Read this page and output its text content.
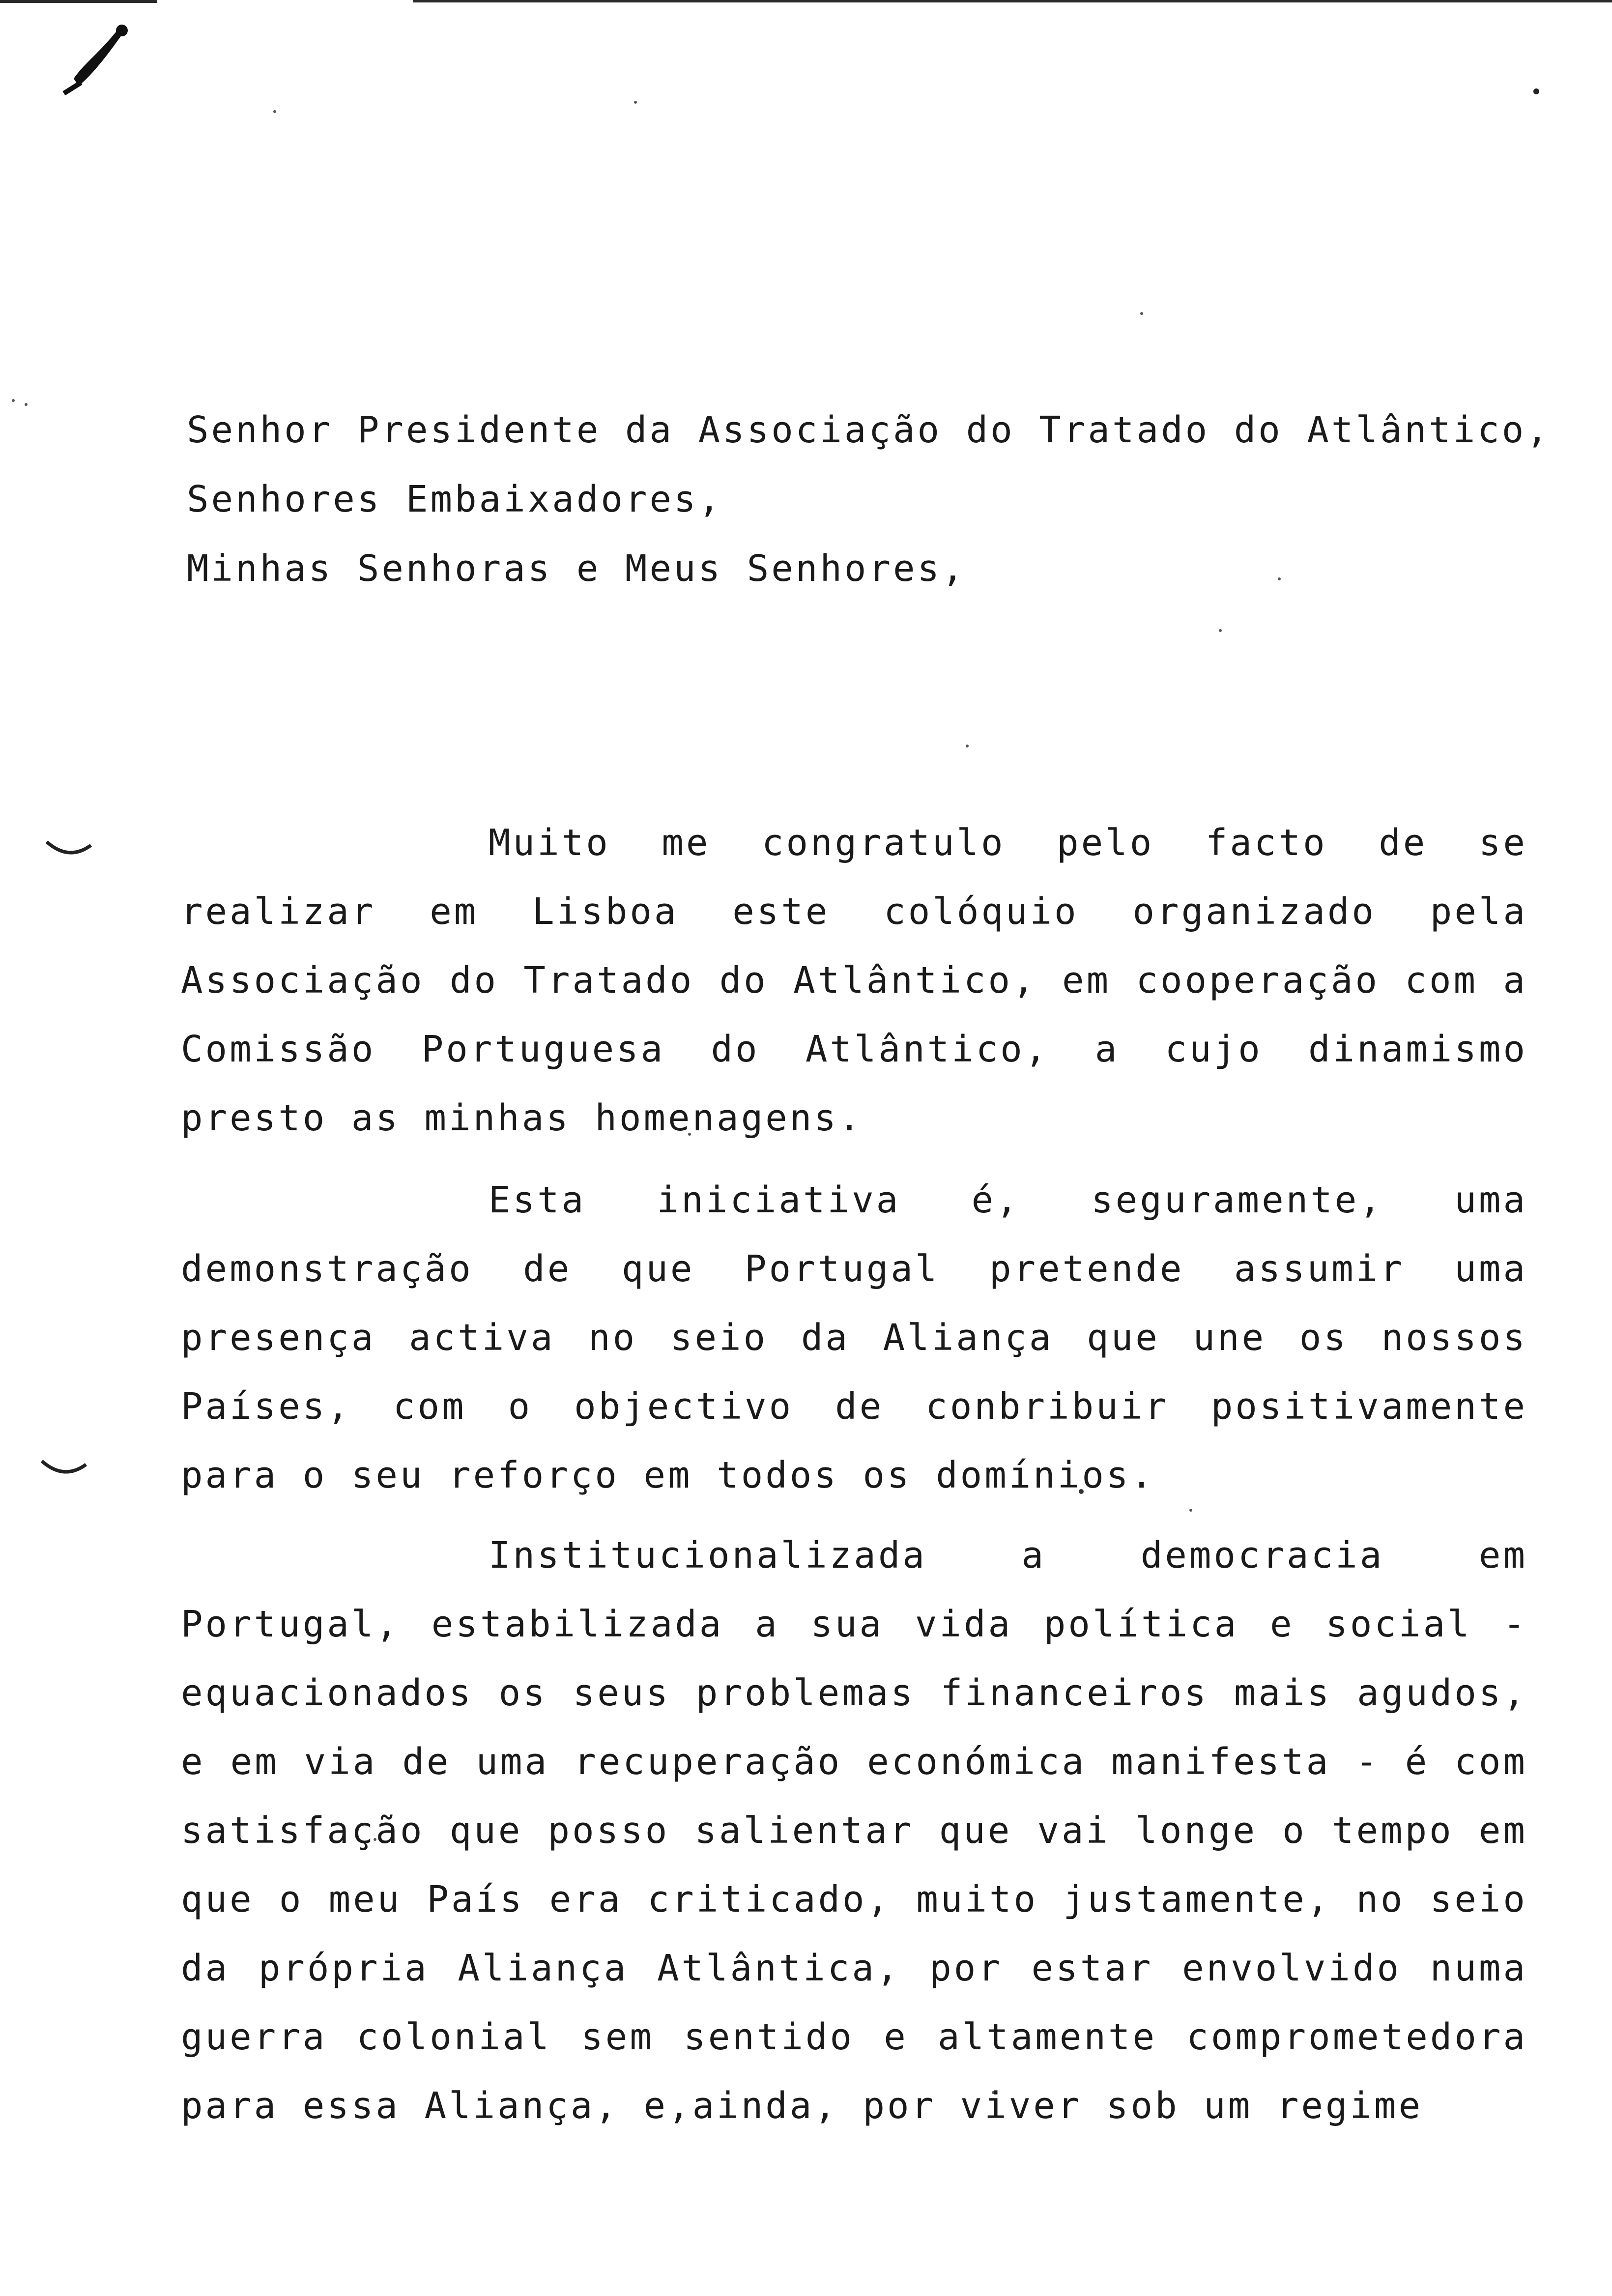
Senhor Presidente da Associação do Tratado do Atlântico,
Senhores Embaixadores,
Minhas Senhoras e Meus Senhores,
Muito me congratulo pelo facto de se realizar em Lisboa este colóquio organizado pela Associação do Tratado do Atlântico, em cooperação com a Comissão Portuguesa do Atlântico, a cujo dinamismo presto as minhas homenagens.
Esta iniciativa é, seguramente, uma demonstração de que Portugal pretende assumir uma presença activa no seio da Aliança que une os nossos Países, com o objectivo de conbribuir positivamente para o seu reforço em todos os domínios.
Institucionalizada a democracia em Portugal, estabilizada a sua vida política e social - equacionados os seus problemas financeiros mais agudos, e em via de uma recuperação económica manifesta - é com satisfação que posso salientar que vai longe o tempo em que o meu País era criticado, muito justamente, no seio da própria Aliança Atlântica, por estar envolvido numa guerra colonial sem sentido e altamente comprometedora para essa Aliança, e,ainda, por viver sob um regime
